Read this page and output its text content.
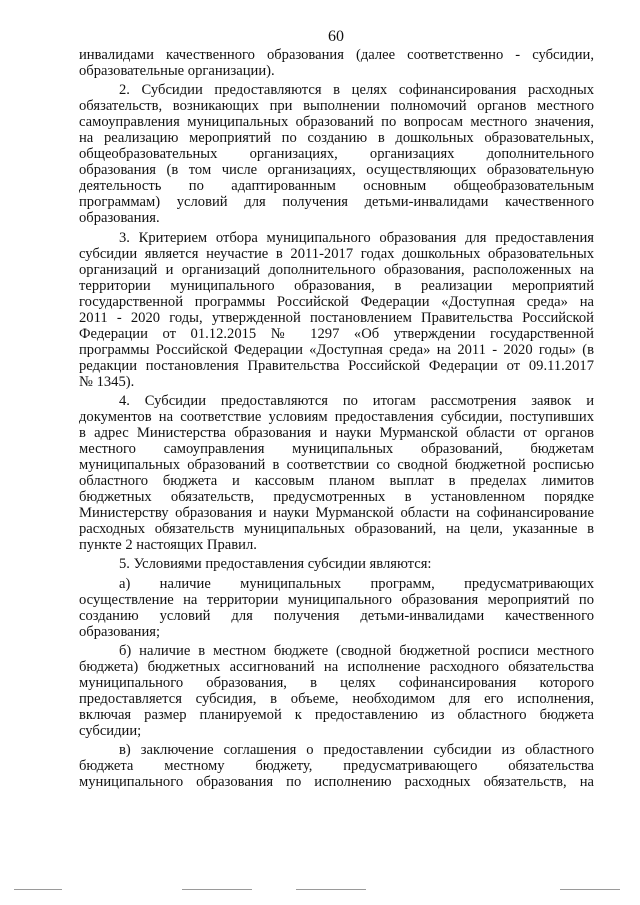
60
инвалидами качественного образования (далее соответственно - субсидии,
образовательные организации).
2. Субсидии предоставляются в целях софинансирования расходных
обязательств, возникающих при выполнении полномочий органов местного
самоуправления муниципальных образований по вопросам местного значения,
на реализацию мероприятий по созданию в дошкольных образовательных,
общеобразовательных организациях, организациях дополнительного
образования (в том числе организациях, осуществляющих образовательную
деятельность по адаптированным основным общеобразовательным
программам) условий для получения детьми-инвалидами качественного
образования.
3. Критерием отбора муниципального образования для предоставления
субсидии является неучастие в 2011-2017 годах дошкольных образовательных
организаций и организаций дополнительного образования, расположенных на
территории муниципального образования, в реализации мероприятий
государственной программы Российской Федерации «Доступная среда» на
2011 - 2020 годы, утвержденной постановлением Правительства Российской
Федерации от 01.12.2015 № 1297 «Об утверждении государственной
программы Российской Федерации «Доступная среда» на 2011 - 2020 годы» (в
редакции постановления Правительства Российской Федерации от 09.11.2017
№ 1345).
4. Субсидии предоставляются по итогам рассмотрения заявок и
документов на соответствие условиям предоставления субсидии, поступивших
в адрес Министерства образования и науки Мурманской области от органов
местного самоуправления муниципальных образований, бюджетам
муниципальных образований в соответствии со сводной бюджетной росписью
областного бюджета и кассовым планом выплат в пределах лимитов
бюджетных обязательств, предусмотренных в установленном порядке
Министерству образования и науки Мурманской области на софинансирование
расходных обязательств муниципальных образований, на цели, указанные в
пункте 2 настоящих Правил.
5. Условиями предоставления субсидии являются:
а) наличие муниципальных программ, предусматривающих
осуществление на территории муниципального образования мероприятий по
созданию условий для получения детьми-инвалидами качественного
образования;
б) наличие в местном бюджете (сводной бюджетной росписи местного
бюджета) бюджетных ассигнований на исполнение расходного обязательства
муниципального образования, в целях софинансирования которого
предоставляется субсидия, в объеме, необходимом для его исполнения,
включая размер планируемой к предоставлению из областного бюджета
субсидии;
в) заключение соглашения о предоставлении субсидии из областного
бюджета местному бюджету, предусматривающего обязательства
муниципального образования по исполнению расходных обязательств, на
